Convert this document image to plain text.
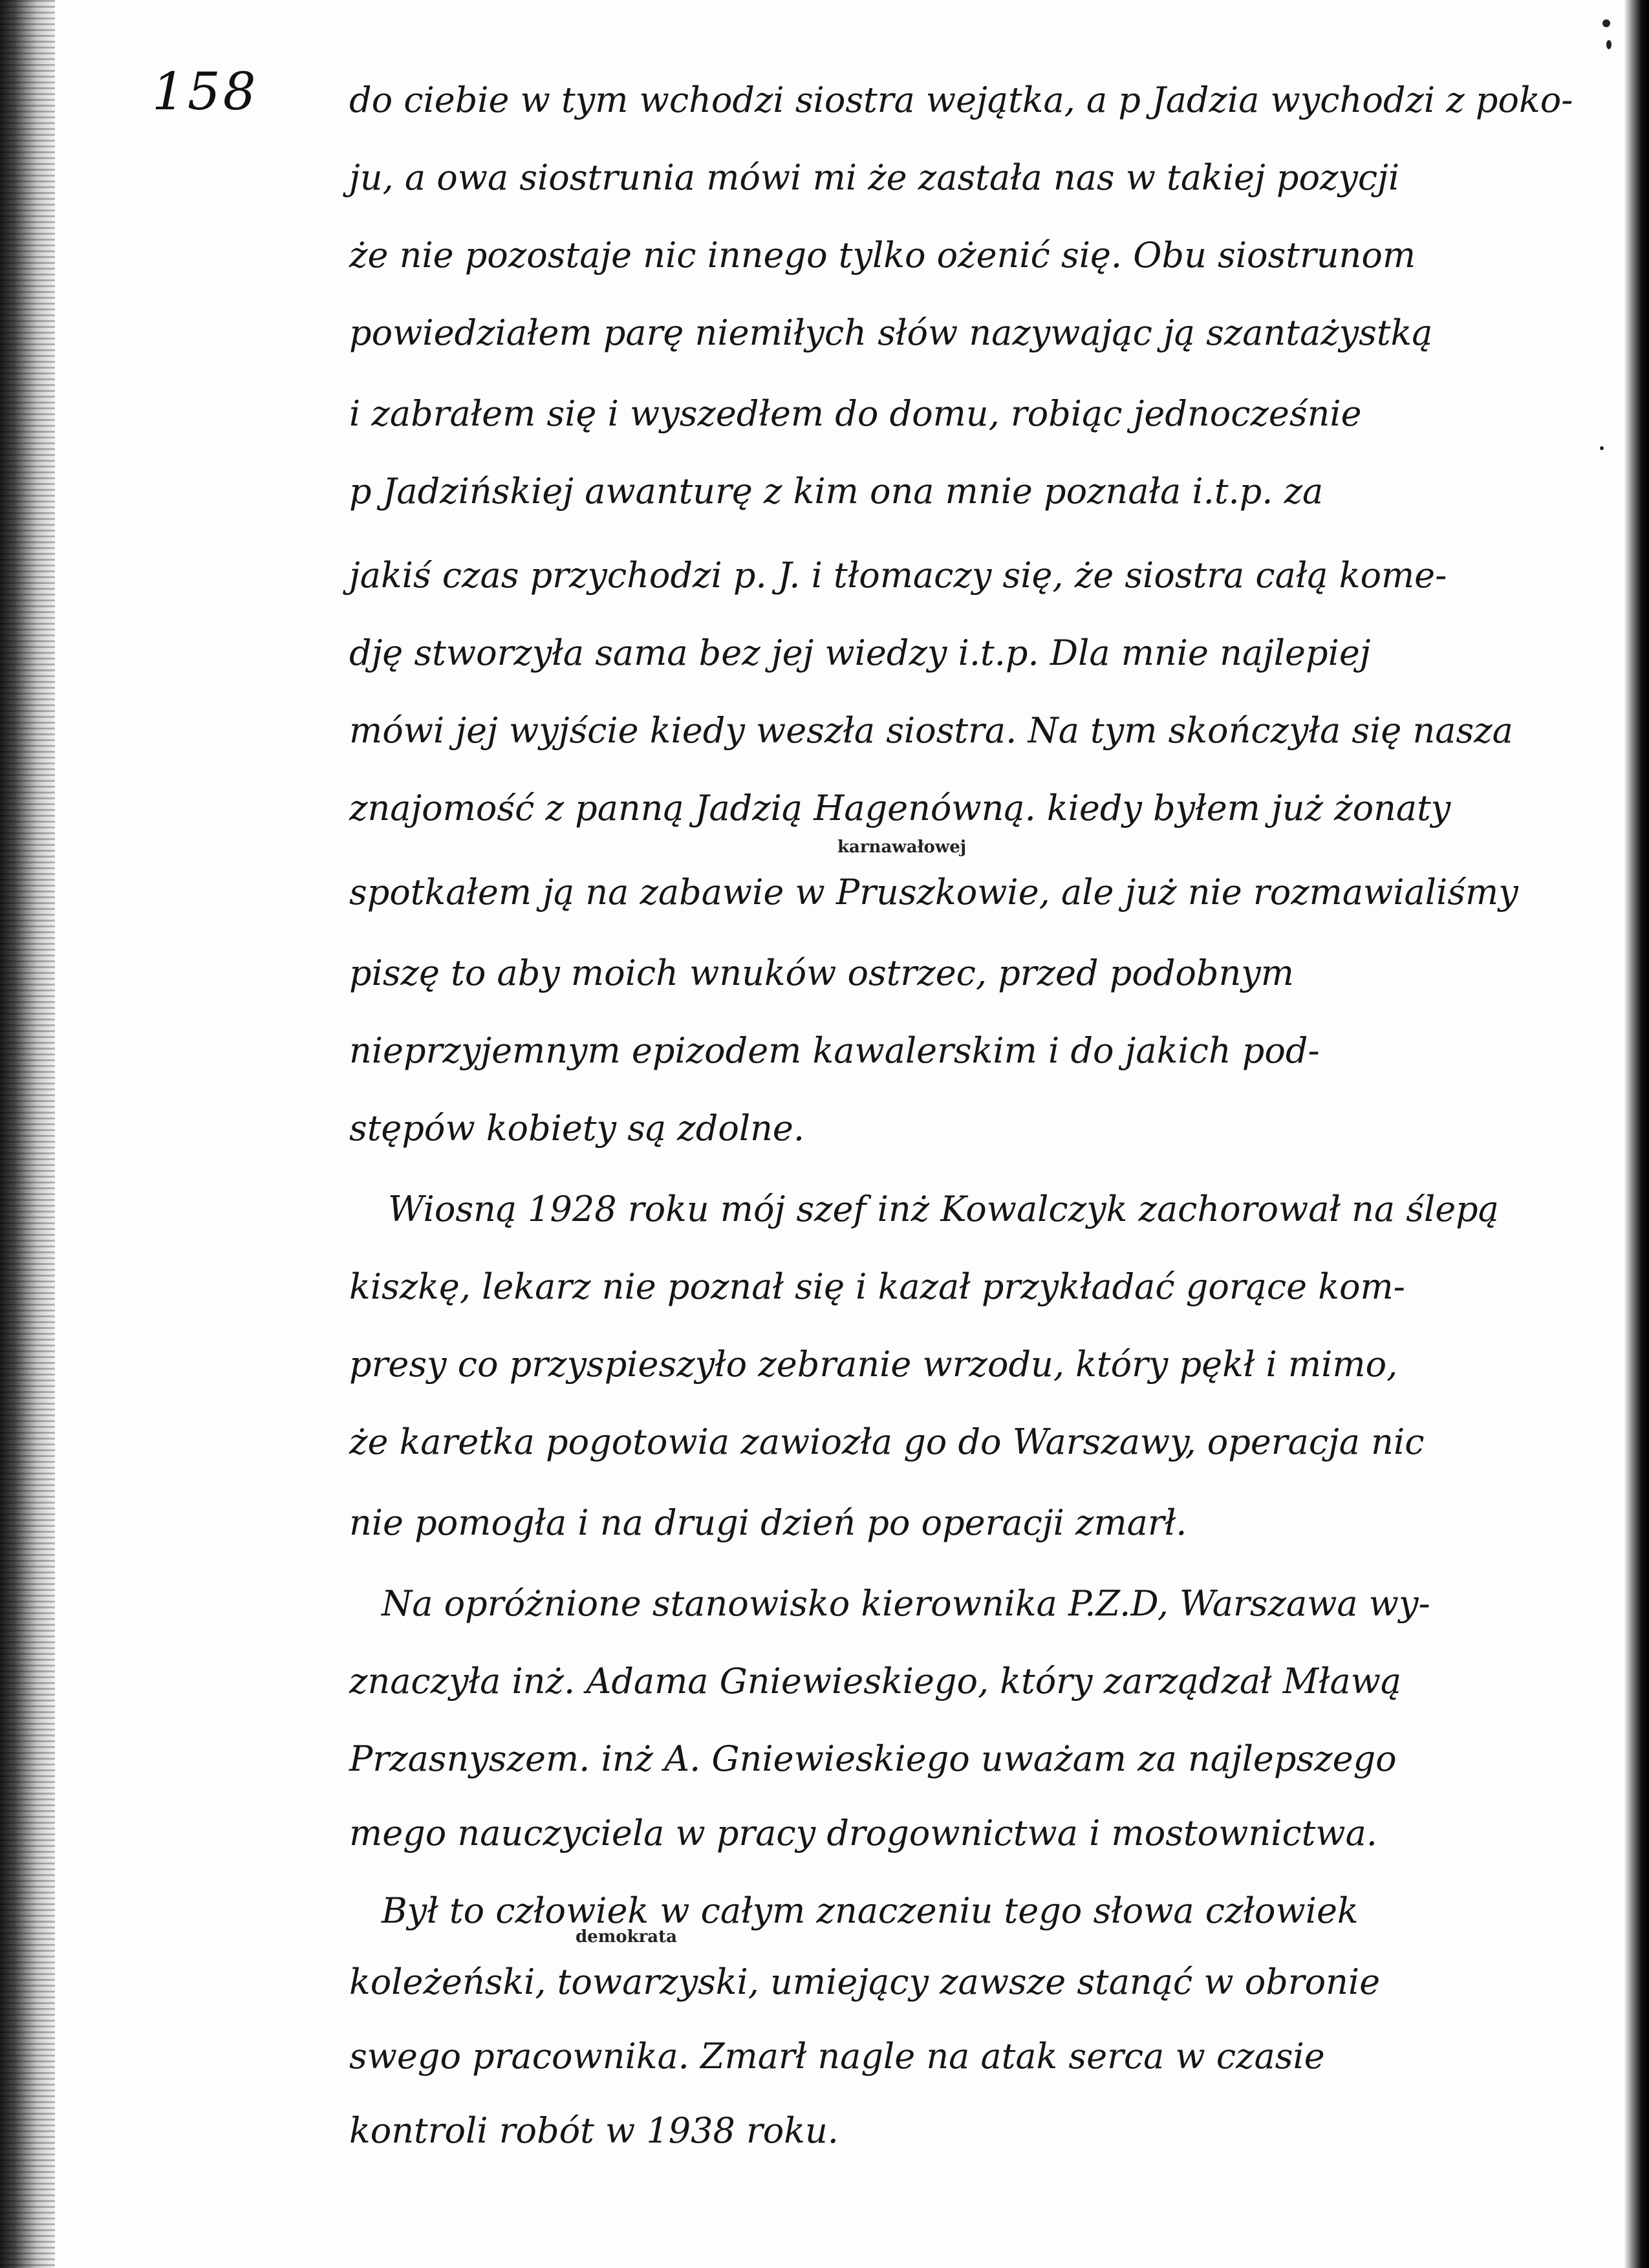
158	do ciebie w tym wchodzi siostra wejątka, a p Jadzia wychodzi z poko-
ju, a owa siostrunia mówi mi że zastała nas w takiej pozycji
że nie pozostaje nic innego tylko ożenić się. Obu siostrunom
powiedziałem parę niemiłych słów nazywając ją szantażystką
i zabrałem się i wyszedłem do domu, robiąc jednocześnie
p Jadzińskiej awanturę z kim ona mnie poznała i.t.p. za
jakiś czas przychodzi p. J. i tłomaczy się, że siostra całą kome-
dję stworzyła sama bez jej wiedzy i.t.p. Dla mnie najlepiej
mówi jej wyjście kiedy weszła siostra. Na tym skończyła się nasza
znajomość z panną Jadzią Hagenówną. kiedy byłem już żonaty
karnawałowej
spotkałem ją na zabawie w Pruszkowie, ale już nie rozmawialiśmy
piszę to aby moich wnuków ostrzec, przed podobnym
nieprzyjemnym epizodem kawalerskim i do jakich pod-
stępów kobiety są zdolne.
Wiosną 1928 roku mój szef inż Kowalczyk zachorował na ślepą
kiszkę, lekarz nie poznał się i kazał przykładać gorące kom-
presy co przyspieszyło zebranie wrzodu, który pękł i mimo,
że karetka pogotowia zawiozła go do Warszawy, operacja nic
nie pomogła i na drugi dzień po operacji zmarł.
Na opróżnione stanowisko kierownika P.Z.D, Warszawa wy-
znaczyła inż. Adama Gniewieskiego, który zarządzał Mławą
Przasnyszem. inż A. Gniewieskiego uważam za najlepszego
mego nauczyciela w pracy drogownictwa i mostownictwa.
Był to człowiek w całym znaczeniu tego słowa człowiek
demokrata
koleżeński, towarzyski, umiejący zawsze stanąć w obronie
swego pracownika. Zmarł nagle na atak serca w czasie
kontroli robót w 1938 roku.
